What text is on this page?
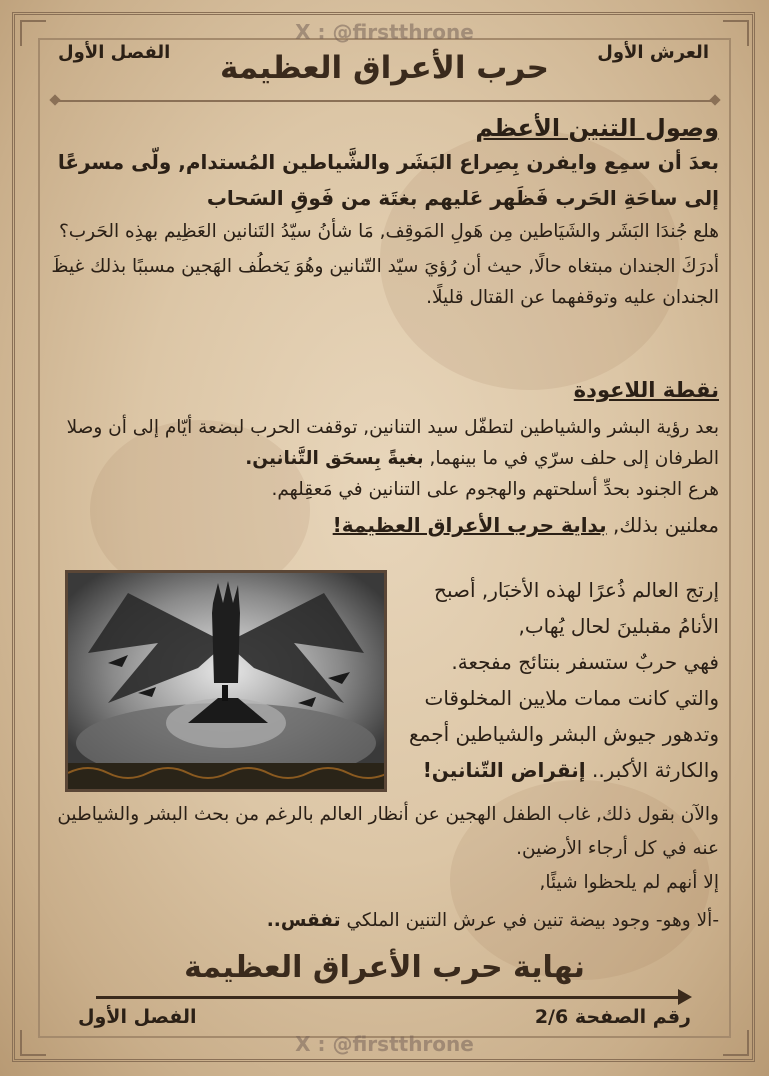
X : @firstthrone
العرش الأول
الفصل الأول	حرب الأعراق العظيمة
وصول التنين الأعظم
بعدَ أن سمِع وايفرن بِصِراع البَشَر والشَّياطين المُستدام, ولّى مسرعًا إلى ساحَةِ الحَرب فَظَهر عَليهم بغتَة من فَوقِ السَحاب
هلع جُندَا البَشَر والشَيَاطين مِن هَولِ المَوقِف, مَا شأنُ سيّدُ التَنانين العَظِيم بهذِه الحَرب؟
أدرَكَ الجندان مبتغاه حالًا, حيث أن رُؤيَ سيّد التّنانين وهُوَ يَخطُف الهَجين مسببًا بذلك غيظَ الجندان عليه وتوقفهما عن القتال قليلًا.
نقطة اللاعودة
بعد رؤية البشر والشياطين لتطفّل سيد التنانين, توقفت الحرب لبضعة أيّام إلى أن وصلا الطرفان إلى حلف سرّي في ما بينهما, بغيةً بِسحَق التَّنانين.
هرع الجنود بحدِّ أسلحتهم والهجوم على التنانين في مَعقِلهم.
معلنين بذلك, بداية حرب الأعراق العظيمة!
إرتج العالم ذُعرًا لهذه الأخبَار, أصبح
الأنامُ مقبلينَ لحال يُهاب,
فهي حربٌ ستسفر بنتائج مفجعة.
والتي كانت ممات ملايين المخلوقات
وتدهور جيوش البشر والشياطين أجمع
والكارثة الأكبر.. إنقراض التّنانين!
والآن بقول ذلك, غاب الطفل الهجين عن أنظار العالم بالرغم من بحث البشر والشياطين عنه في كل أرجاء الأرضين.
إلا أنهم لم يلحظوا شيئًا,
-ألا وهو- وجود بيضة تنين في عرش التنين الملكي تفقس..
نهاية حرب الأعراق العظيمة
رقم الصفحة 2/6
الفصل الأول
X : @firstthrone
